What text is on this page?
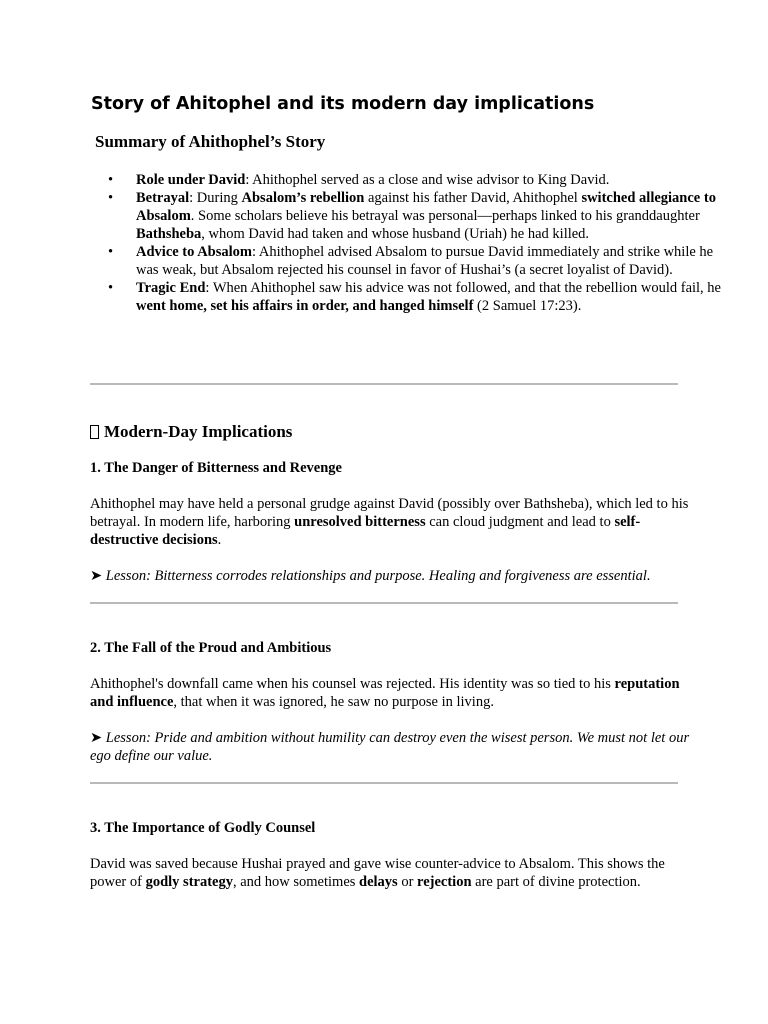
Story of Ahitophel and its modern day implications
Summary of Ahithophel’s Story
• Role under David: Ahithophel served as a close and wise advisor to King David.
• Betrayal: During Absalom’s rebellion against his father David, Ahithophel switched allegiance to Absalom. Some scholars believe his betrayal was personal—perhaps linked to his granddaughter Bathsheba, whom David had taken and whose husband (Uriah) he had killed.
• Advice to Absalom: Ahithophel advised Absalom to pursue David immediately and strike while he was weak, but Absalom rejected his counsel in favor of Hushai’s (a secret loyalist of David).
• Tragic End: When Ahithophel saw his advice was not followed, and that the rebellion would fail, he went home, set his affairs in order, and hanged himself (2 Samuel 17:23).
Modern-Day Implications
1. The Danger of Bitterness and Revenge

Ahithophel may have held a personal grudge against David (possibly over Bathsheba), which led to his betrayal. In modern life, harboring unresolved bitterness can cloud judgment and lead to self-destructive decisions.

➤ Lesson: Bitterness corrodes relationships and purpose. Healing and forgiveness are essential.

2. The Fall of the Proud and Ambitious

Ahithophel's downfall came when his counsel was rejected. His identity was so tied to his reputation and influence, that when it was ignored, he saw no purpose in living.

➤ Lesson: Pride and ambition without humility can destroy even the wisest person. We must not let our ego define our value.

3. The Importance of Godly Counsel

David was saved because Hushai prayed and gave wise counter-advice to Absalom. This shows the power of godly strategy, and how sometimes delays or rejection are part of divine protection.
